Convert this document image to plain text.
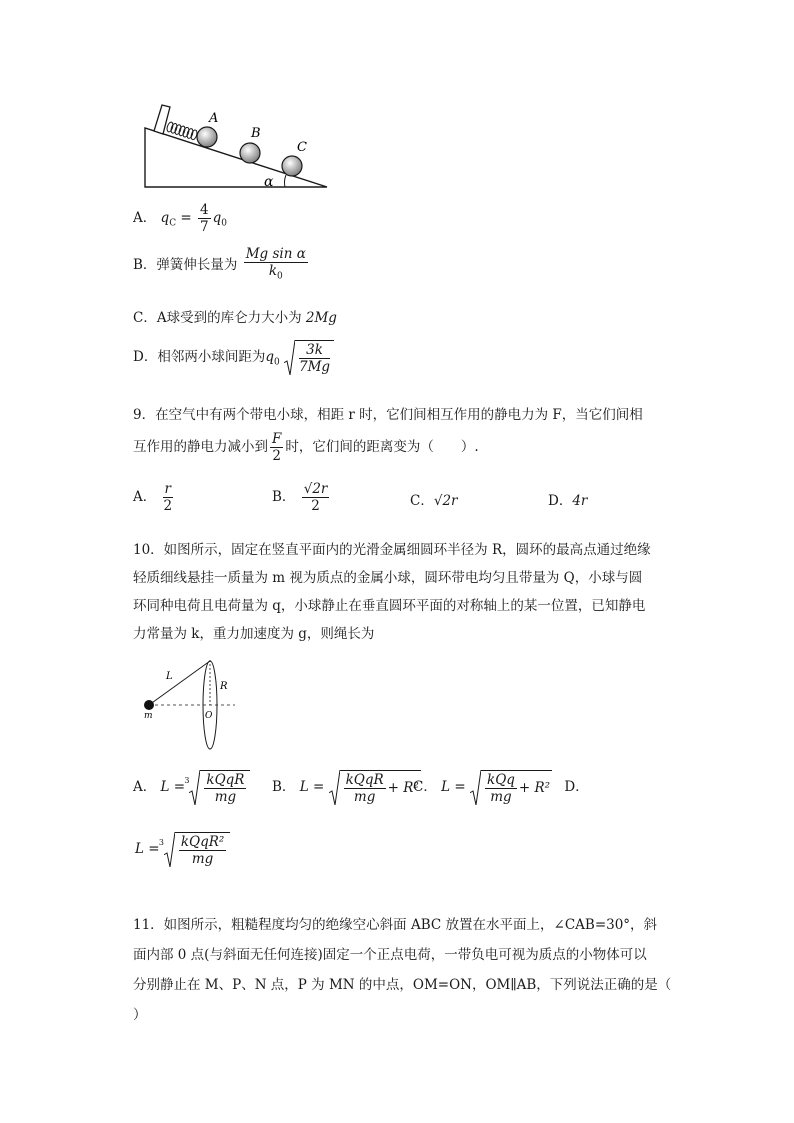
A
B
C
α
A． $q_C = \frac{4}{7} q_0$
B．弹簧伸长量为 $\frac{\text{Mg sin α}}{k_0}$
C．A球受到的库仑力大小为 2Mg
D．相邻两小球间距为$q_0 \frac{3k}{7Mg}$
9．在空气中有两个带电小球，相距 r 时，它们间相互作用的静电力为 F，当它们间相
互作用的静电力减小到 $\frac{F}{2}$ 时，它们间的距离变为（　　）.
A． $\frac{r}{2}$	B． $\frac{√2r}{2}$	C．√2r	D．4r
10．如图所示，固定在竖直平面内的光滑金属细圆环半径为 R，圆环的最高点通过绝缘
轻质细线悬挂一质量为 m 视为质点的金属小球，圆环带电均匀且带量为 Q，小球与圆
环同种电荷且电荷量为 q，小球静止在垂直圆环平面的对称轴上的某一位置，已知静电
力常量为 k，重力加速度为 g，则绳长为
L
R
m	O
A． $L = 3 \frac{\text{kQqR}}{mg}$ B． $L = \frac{\text{kQqR}}{mg} + R^2$
C． $L = \frac{\text{kQq}}{mg} + R^2$ D．
$L = 3 \frac{\text{kQqR²}}{mg}$
11．如图所示，粗糙程度均匀的绝缘空心斜面 ABC 放置在水平面上，∠CAB=30°，斜
面内部 0 点(与斜面无任何连接)固定一个正点电荷，一带负电可视为质点的小物体可以
分别静止在 M、P、N 点，P 为 MN 的中点，OM=ON，OM∥AB，下列说法正确的是（
）
